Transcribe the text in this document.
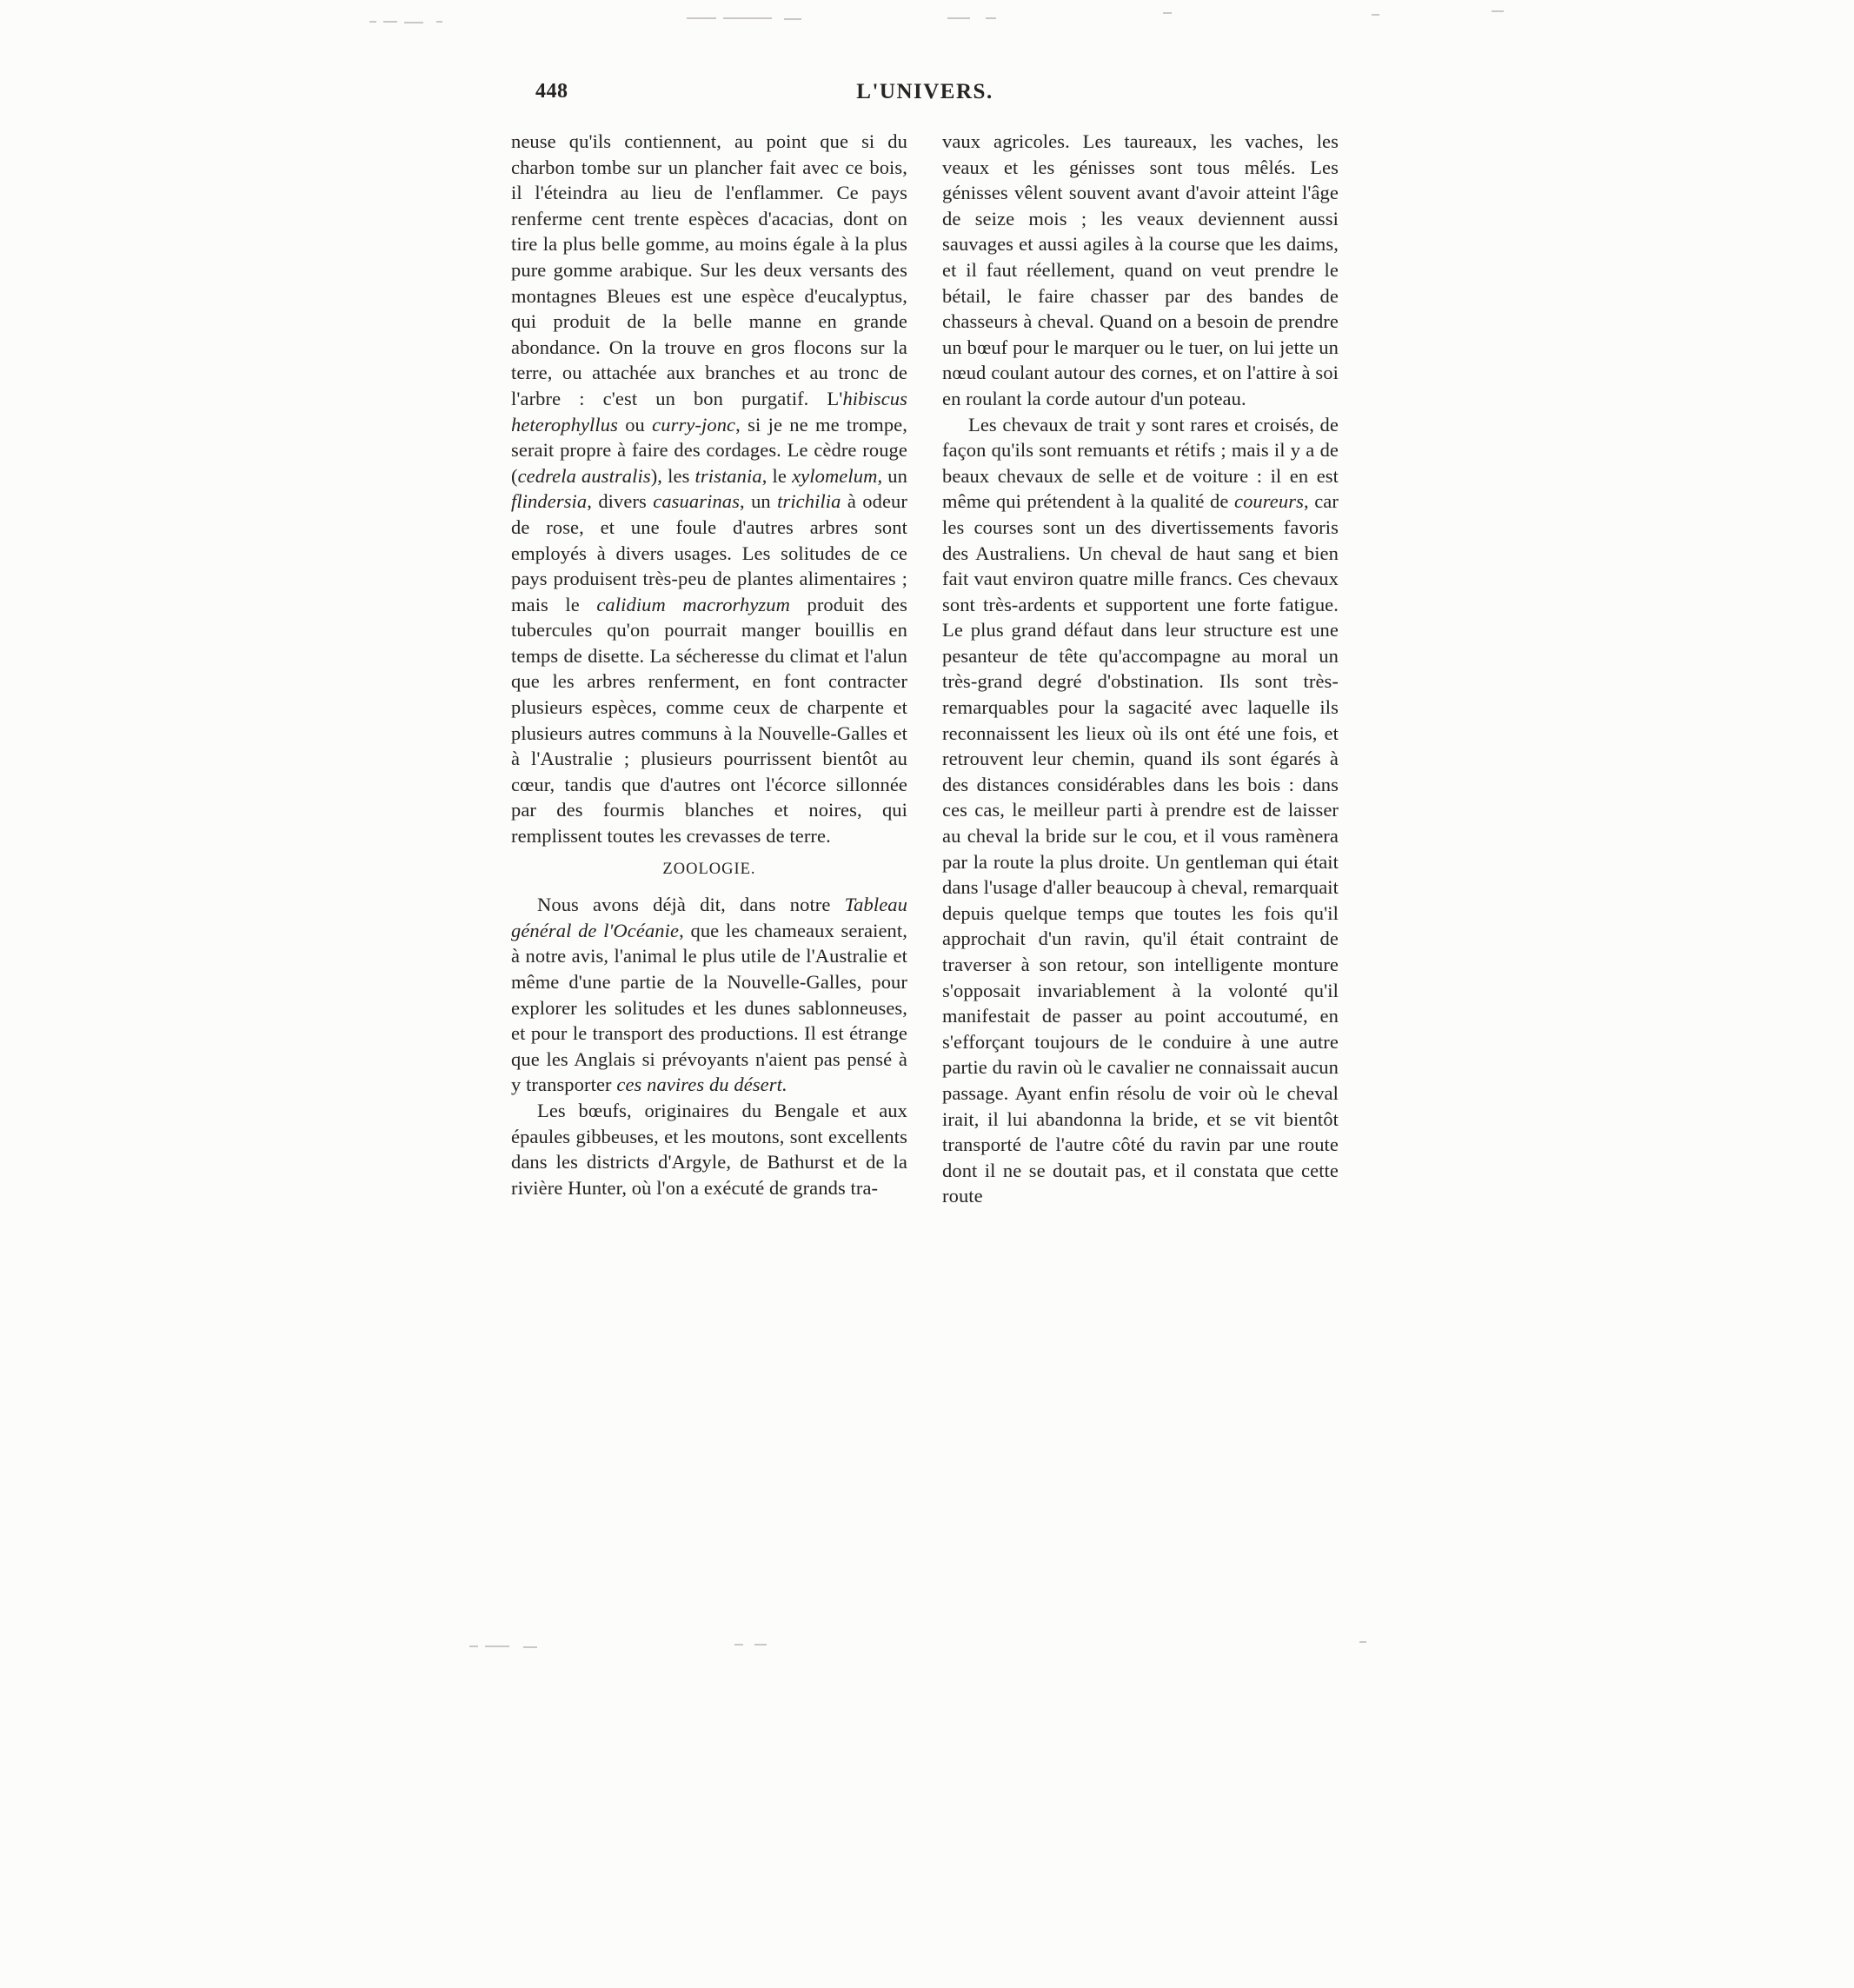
448	L'UNIVERS.

neuse qu'ils contiennent, au point que si du charbon tombe sur un plancher fait avec ce bois, il l'éteindra au lieu de l'enflammer. Ce pays renferme cent trente espèces d'acacias, dont on tire la plus belle gomme, au moins égale à la plus pure gomme arabique. Sur les deux versants des montagnes Bleues est une espèce d'eucalyptus, qui produit de la belle manne en grande abondance. On la trouve en gros flocons sur la terre, ou attachée aux branches et au tronc de l'arbre : c'est un bon purgatif. L'hibiscus heterophyllus ou curry-jonc, si je ne me trompe, serait propre à faire des cordages. Le cèdre rouge (cedrela australis), les tristania, le xylomelum, un flindersia, divers casuarinas, un trichilia à odeur de rose, et une foule d'autres arbres sont employés à divers usages. Les solitudes de ce pays produisent très-peu de plantes alimentaires ; mais le calidium macrorhyzum produit des tubercules qu'on pourrait manger bouillis en temps de disette. La sécheresse du climat et l'alun que les arbres renferment, en font contracter plusieurs espèces, comme ceux de charpente et plusieurs autres communs à la Nouvelle-Galles et à l'Australie ; plusieurs pourrissent bientôt au cœur, tandis que d'autres ont l'écorce sillonnée par des fourmis blanches et noires, qui remplissent toutes les crevasses de terre.

ZOOLOGIE.

Nous avons déjà dit, dans notre Tableau général de l'Océanie, que les chameaux seraient, à notre avis, l'animal le plus utile de l'Australie et même d'une partie de la Nouvelle-Galles, pour explorer les solitudes et les dunes sablonneuses, et pour le transport des productions. Il est étrange que les Anglais si prévoyants n'aient pas pensé à y transporter ces navires du désert.

Les bœufs, originaires du Bengale et aux épaules gibbeuses, et les moutons, sont excellents dans les districts d'Argyle, de Bathurst et de la rivière Hunter, où l'on a exécuté de grands tra-

vaux agricoles. Les taureaux, les vaches, les veaux et les génisses sont tous mêlés. Les génisses vêlent souvent avant d'avoir atteint l'âge de seize mois ; les veaux deviennent aussi sauvages et aussi agiles à la course que les daims, et il faut réellement, quand on veut prendre le bétail, le faire chasser par des bandes de chasseurs à cheval. Quand on a besoin de prendre un bœuf pour le marquer ou le tuer, on lui jette un nœud coulant autour des cornes, et on l'attire à soi en roulant la corde autour d'un poteau.

Les chevaux de trait y sont rares et croisés, de façon qu'ils sont remuants et rétifs ; mais il y a de beaux chevaux de selle et de voiture : il en est même qui prétendent à la qualité de coureurs, car les courses sont un des divertissements favoris des Australiens. Un cheval de haut sang et bien fait vaut environ quatre mille francs. Ces chevaux sont très-ardents et supportent une forte fatigue. Le plus grand défaut dans leur structure est une pesanteur de tête qu'accompagne au moral un très-grand degré d'obstination. Ils sont très-remarquables pour la sagacité avec laquelle ils reconnaissent les lieux où ils ont été une fois, et retrouvent leur chemin, quand ils sont égarés à des distances considérables dans les bois : dans ces cas, le meilleur parti à prendre est de laisser au cheval la bride sur le cou, et il vous ramènera par la route la plus droite. Un gentleman qui était dans l'usage d'aller beaucoup à cheval, remarquait depuis quelque temps que toutes les fois qu'il approchait d'un ravin, qu'il était contraint de traverser à son retour, son intelligente monture s'opposait invariablement à la volonté qu'il manifestait de passer au point accoutumé, en s'efforçant toujours de le conduire à une autre partie du ravin où le cavalier ne connaissait aucun passage. Ayant enfin résolu de voir où le cheval irait, il lui abandonna la bride, et se vit bientôt transporté de l'autre côté du ravin par une route dont il ne se doutait pas, et il constata que cette route
